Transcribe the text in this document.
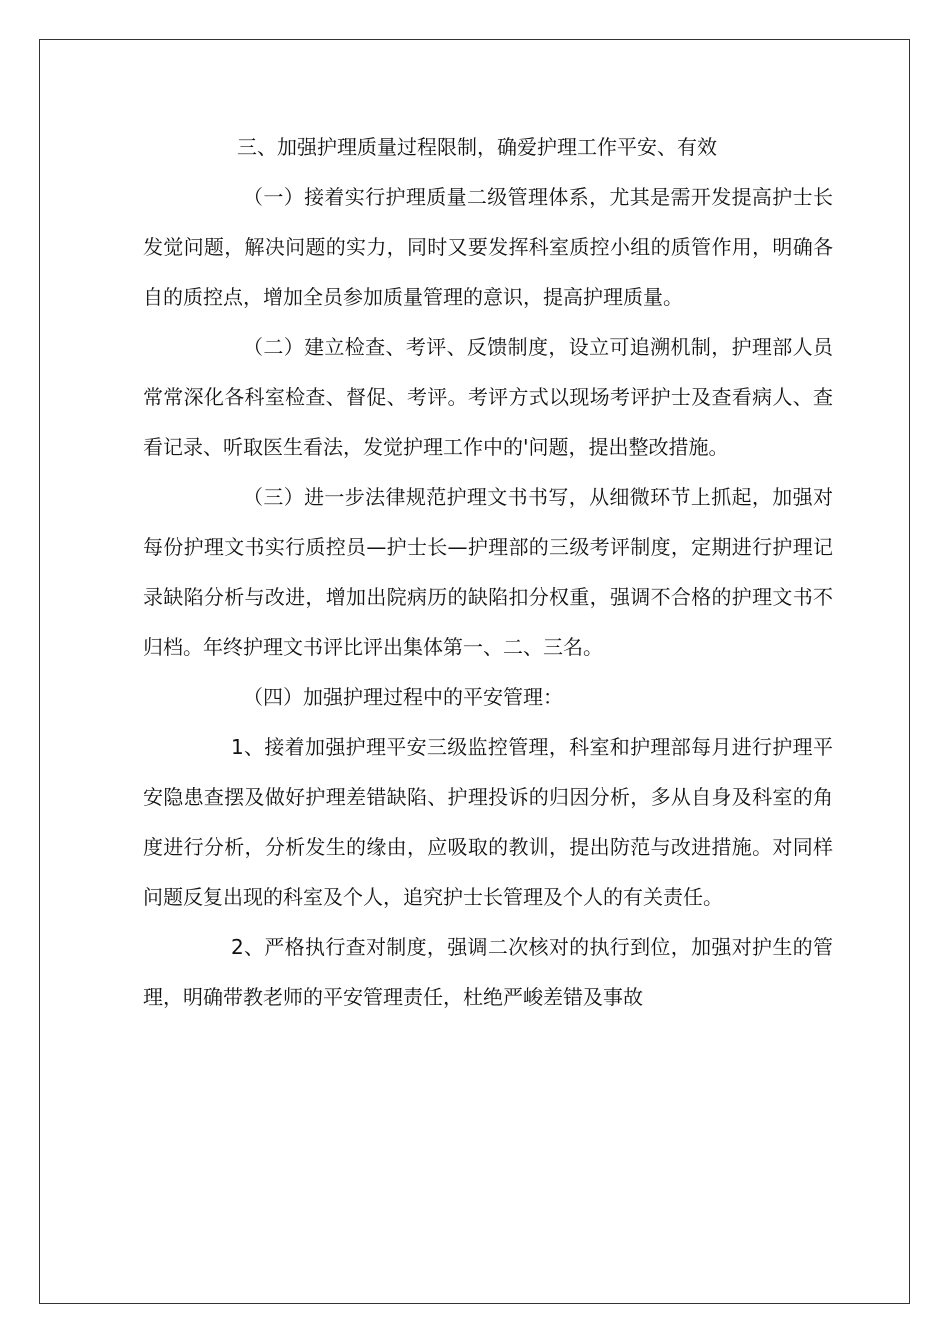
三、加强护理质量过程限制，确爱护理工作平安、有效

（一）接着实行护理质量二级管理体系，尤其是需开发提高护士长发觉问题，解决问题的实力，同时又要发挥科室质控小组的质管作用，明确各自的质控点，增加全员参加质量管理的意识，提高护理质量。

（二）建立检查、考评、反馈制度，设立可追溯机制，护理部人员常常深化各科室检查、督促、考评。考评方式以现场考评护士及查看病人、查看记录、听取医生看法，发觉护理工作中的'问题，提出整改措施。

（三）进一步法律规范护理文书书写，从细微环节上抓起，加强对每份护理文书实行质控员—护士长—护理部的三级考评制度，定期进行护理记录缺陷分析与改进，增加出院病历的缺陷扣分权重，强调不合格的护理文书不归档。年终护理文书评比评出集体第一、二、三名。

（四）加强护理过程中的平安管理：

1、接着加强护理平安三级监控管理，科室和护理部每月进行护理平安隐患查摆及做好护理差错缺陷、护理投诉的归因分析，多从自身及科室的角度进行分析，分析发生的缘由，应吸取的教训，提出防范与改进措施。对同样问题反复出现的科室及个人，追究护士长管理及个人的有关责任。

2、严格执行查对制度，强调二次核对的执行到位，加强对护生的管理，明确带教老师的平安管理责任，杜绝严峻差错及事故
